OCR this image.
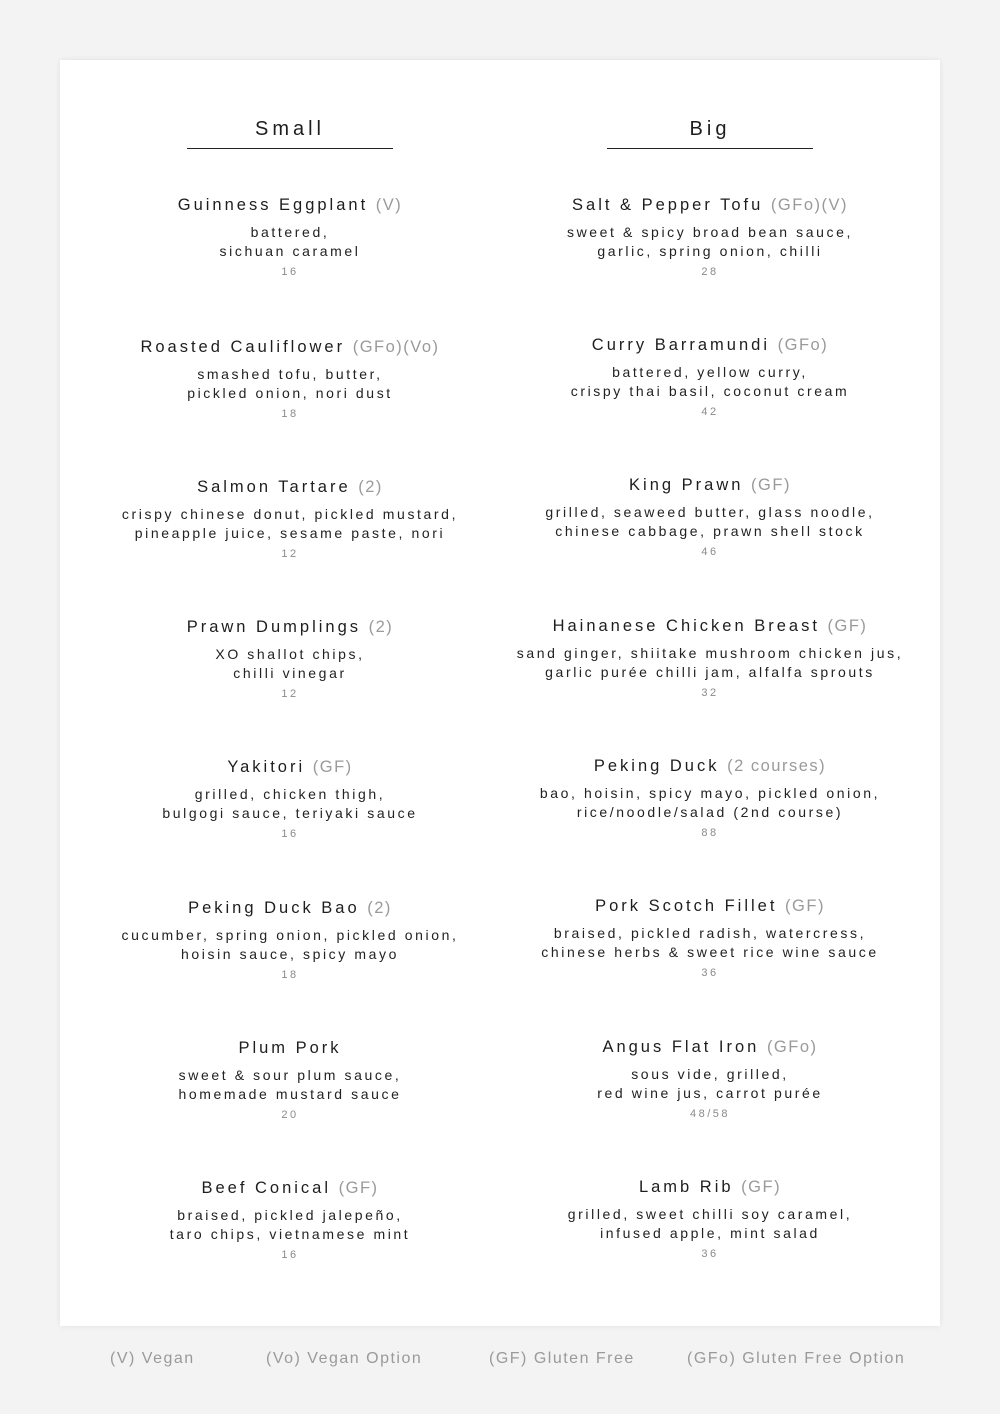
Small
Guinness Eggplant (V)
battered,
sichuan caramel
16
Roasted Cauliflower (GFo)(Vo)
smashed tofu, butter,
pickled onion, nori dust
18
Salmon Tartare (2)
crispy chinese donut, pickled mustard,
pineapple juice, sesame paste, nori
12
Prawn Dumplings (2)
XO shallot chips,
chilli vinegar
12
Yakitori (GF)
grilled, chicken thigh,
bulgogi sauce, teriyaki sauce
16
Peking Duck Bao (2)
cucumber, spring onion, pickled onion,
hoisin sauce, spicy mayo
18
Plum Pork
sweet & sour plum sauce,
homemade mustard sauce
20
Beef Conical (GF)
braised, pickled jalepeño,
taro chips, vietnamese mint
16
Big
Salt & Pepper Tofu (GFo)(V)
sweet & spicy broad bean sauce,
garlic, spring onion, chilli
28
Curry Barramundi (GFo)
battered, yellow curry,
crispy thai basil, coconut cream
42
King Prawn (GF)
grilled, seaweed butter, glass noodle,
chinese cabbage, prawn shell stock
46
Hainanese Chicken Breast (GF)
sand ginger, shiitake mushroom chicken jus,
garlic purée chilli jam, alfalfa sprouts
32
Peking Duck (2 courses)
bao, hoisin, spicy mayo, pickled onion,
rice/noodle/salad (2nd course)
88
Pork Scotch Fillet (GF)
braised, pickled radish, watercress,
chinese herbs & sweet rice wine sauce
36
Angus Flat Iron (GFo)
sous vide, grilled,
red wine jus, carrot purée
48/58
Lamb Rib (GF)
grilled, sweet chilli soy caramel,
infused apple, mint salad
36
(V) Vegan	(Vo) Vegan Option	(GF) Gluten Free	(GFo) Gluten Free Option
